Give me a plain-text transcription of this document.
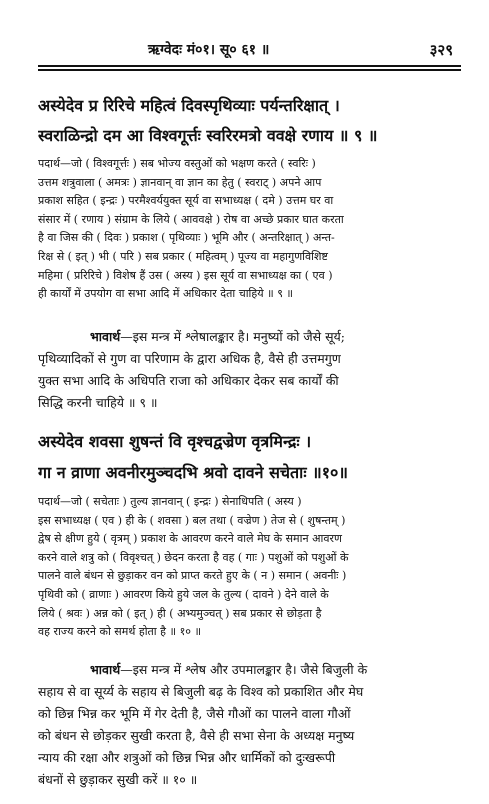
ऋग्वेदः मं०१। सू० ६१ ॥	३२९
अस्येदेव प्र रिरिचे महित्वं दिवस्पृथिव्याः पर्यन्तरिक्षात् ।
स्वराळिन्द्रो दम आ विश्वगूर्त्तः स्वरिरमत्रो ववक्षे रणाय ॥ ९ ॥
पदार्थ—जो ( विश्वगूर्त्तः ) सब भोज्य वस्तुओं को भक्षण करते ( स्वरिः )
उत्तम शत्रुवाला ( अमत्रः ) ज्ञानवान् वा ज्ञान का हेतु ( स्वराट् ) अपने आप
प्रकाश सहित ( इन्द्रः ) परमैश्वर्ययुक्त सूर्य वा सभाध्यक्ष ( दमे ) उत्तम घर वा
संसार में ( रणाय ) संग्राम के लिये ( आववक्षे ) रोष वा अच्छे प्रकार घात करता
है वा जिस की ( दिवः ) प्रकाश ( पृथिव्याः ) भूमि और ( अन्तरिक्षात् ) अन्त-
रिक्ष से ( इत् ) भी ( परि ) सब प्रकार ( महित्वम् ) पूज्य वा महागुणविशिष्ट
महिमा ( प्ररिरिचे ) विशेष हैं उस ( अस्य ) इस सूर्य वा सभाध्यक्ष का ( एव )
ही कार्यों में उपयोग वा सभा आदि में अधिकार देता चाहिये ॥ ९ ॥
भावार्थ—इस मन्त्र में श्लेषालङ्कार है। मनुष्यों को जैसे सूर्य;
पृथिव्यादिकों से गुण वा परिणाम के द्वारा अधिक है, वैसे ही उत्तमगुण
युक्त सभा आदि के अधिपति राजा को अधिकार देकर सब कार्यों की
सिद्धि करनी चाहिये ॥ ९ ॥
अस्येदेव शवसा शुषन्तं वि वृश्चद्वज्रेण वृत्रमिन्द्रः ।
गा न व्राणा अवनीरमुञ्चदभि श्रवो दावने सचेताः ॥१०॥
पदार्थ—जो ( सचेताः ) तुल्य ज्ञानवान् ( इन्द्रः ) सेनाधिपति ( अस्य )
इस सभाध्यक्ष ( एव ) ही के ( शवसा ) बल तथा ( वज्रेण ) तेज से ( शुषन्तम् )
द्वेष से क्षीण हुये ( वृत्रम् ) प्रकाश के आवरण करने वाले मेघ के समान आवरण
करने वाले शत्रु को ( विवृश्चत् ) छेदन करता है वह ( गाः ) पशुओं को पशुओं के
पालने वाले बंधन से छुड़ाकर वन को प्राप्त करते हुए के ( न ) समान ( अवनीः )
पृथिवी को ( व्राणाः ) आवरण किये हुये जल के तुल्य ( दावने ) देने वाले के
लिये ( श्रवः ) अन्न को ( इत् ) ही ( अभ्यमुञ्चत् ) सब प्रकार से छोड़ता है
वह राज्य करने को समर्थ होता है ॥ १० ॥
भावार्थ—इस मन्त्र में श्लेष और उपमालङ्कार है। जैसे बिजुली के
सहाय से वा सूर्य्य के सहाय से बिजुली बढ़ के विश्व को प्रकाशित और मेघ
को छिन्न भिन्न कर भूमि में गेर देती है, जैसे गौओं का पालने वाला गौओं
को बंधन से छोड़कर सुखी करता है, वैसे ही सभा सेना के अध्यक्ष मनुष्य
न्याय की रक्षा और शत्रुओं को छिन्न भिन्न और धार्मिकों को दुःखरूपी
बंधनों से छुड़ाकर सुखी करें ॥ १० ॥
